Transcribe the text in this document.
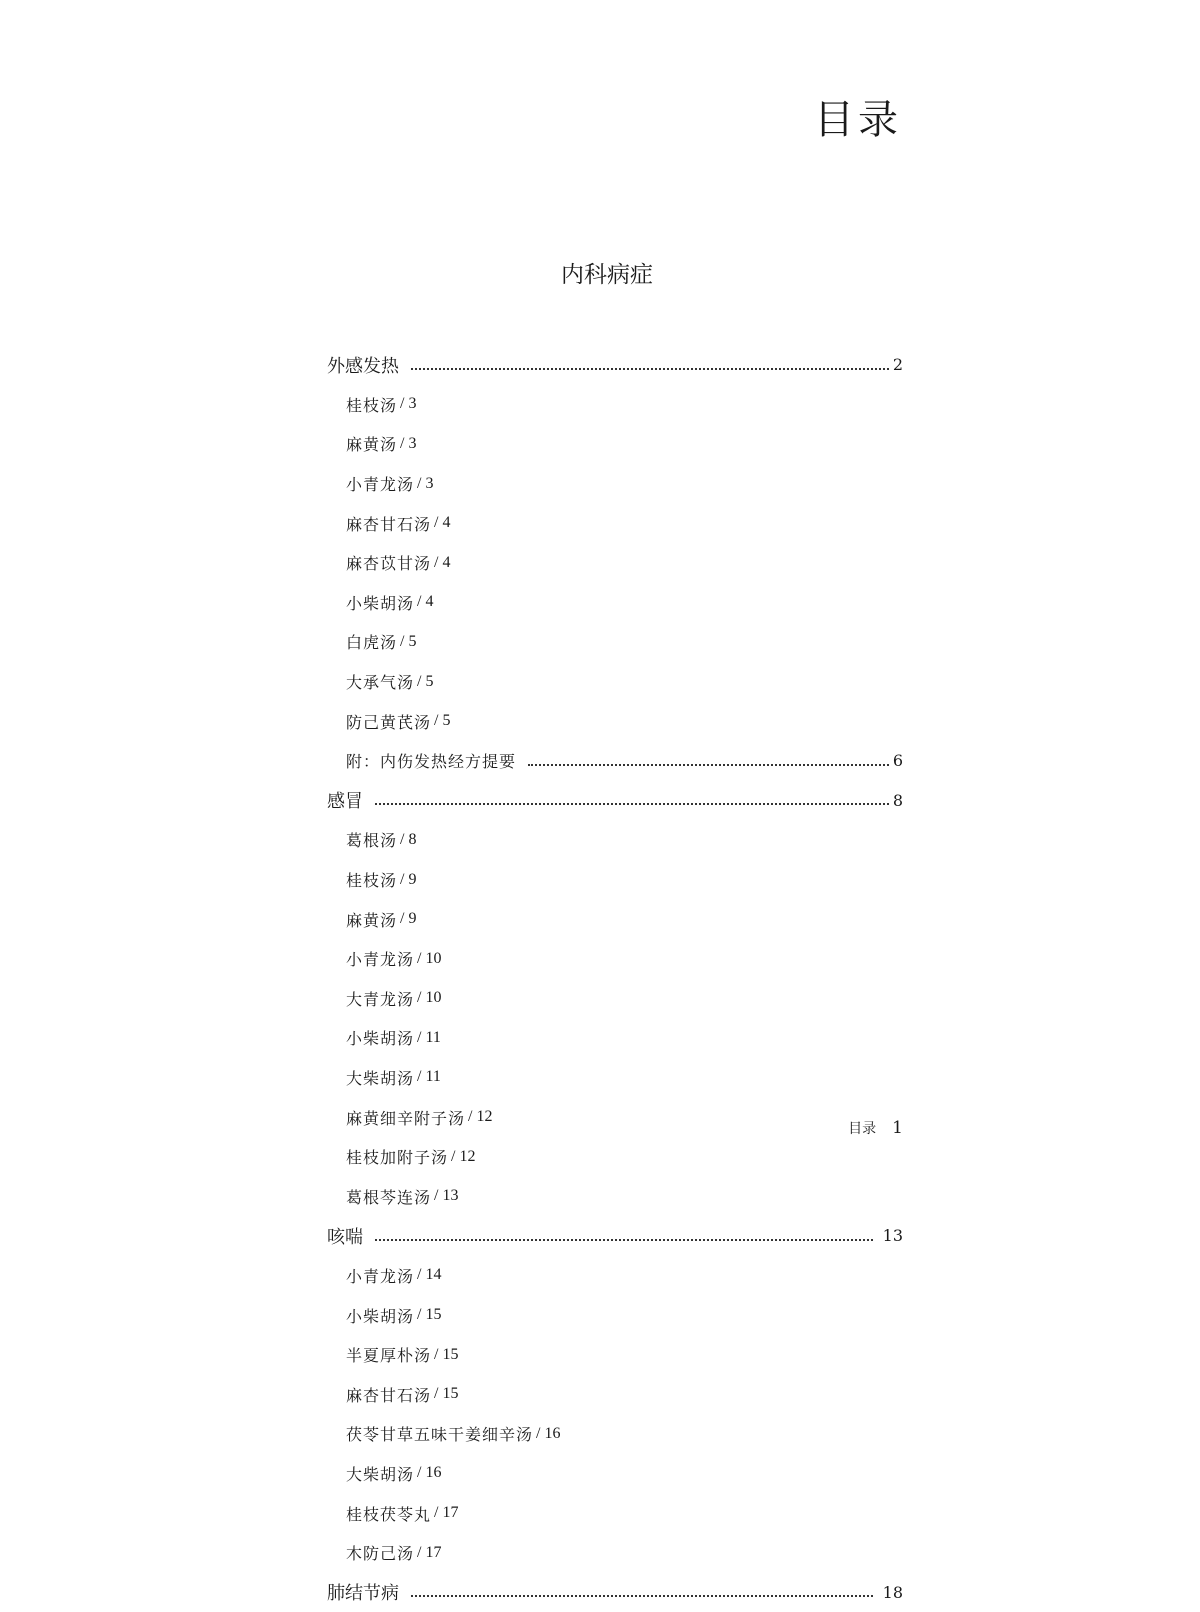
目录
内科病症
外感发热	2
桂枝汤 / 3
麻黄汤 / 3
小青龙汤 / 3
麻杏甘石汤 / 4
麻杏苡甘汤 / 4
小柴胡汤 / 4
白虎汤 / 5
大承气汤 / 5
防己黄芪汤 / 5
附：内伤发热经方提要	6
感冒	8
葛根汤 / 8
桂枝汤 / 9
麻黄汤 / 9
小青龙汤 / 10
大青龙汤 / 10
小柴胡汤 / 11
大柴胡汤 / 11
麻黄细辛附子汤 / 12
桂枝加附子汤 / 12
葛根芩连汤 / 13
咳喘	13
小青龙汤 / 14
小柴胡汤 / 15
半夏厚朴汤 / 15
麻杏甘石汤 / 15
茯苓甘草五味干姜细辛汤 / 16
大柴胡汤 / 16
桂枝茯苓丸 / 17
木防己汤 / 17
肺结节病	18
目录 1
